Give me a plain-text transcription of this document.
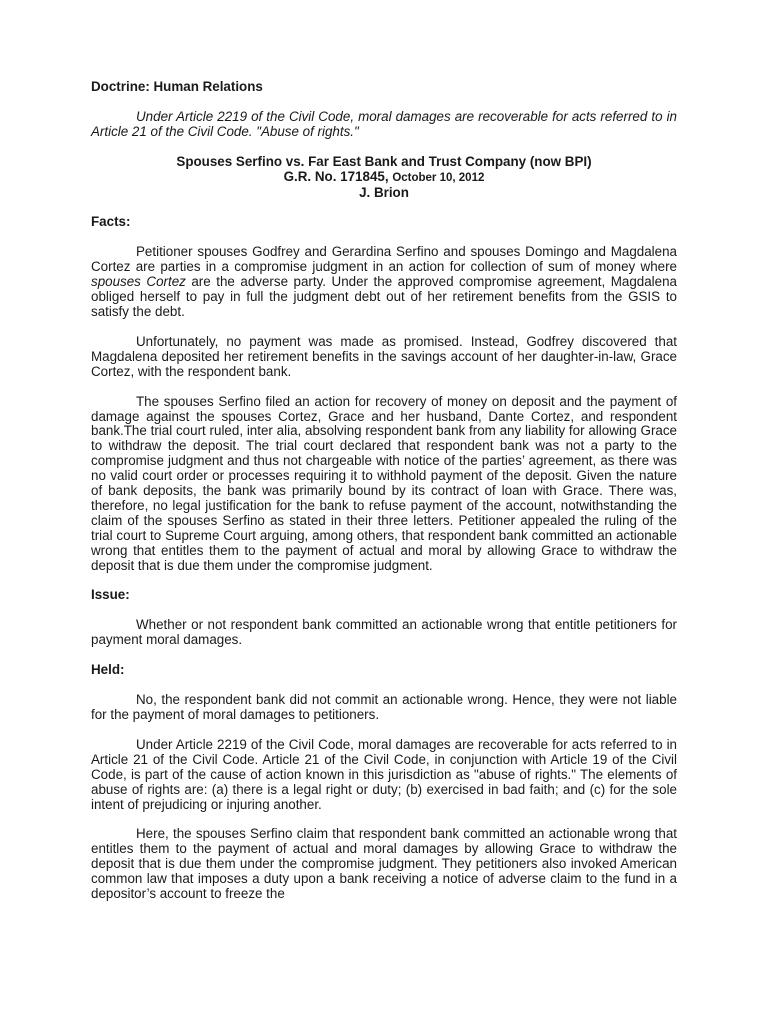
Doctrine: Human Relations

Under Article 2219 of the Civil Code, moral damages are recoverable for acts referred to in Article 21 of the Civil Code. "Abuse of rights."

Spouses Serfino vs. Far East Bank and Trust Company (now BPI)

G.R. No. 171845, October 10, 2012

J. Brion

Facts:

Petitioner spouses Godfrey and Gerardina Serfino and spouses Domingo and Magdalena Cortez are parties in a compromise judgment in an action for collection of sum of money where spouses Cortez are the adverse party. Under the approved compromise agreement, Magdalena obliged herself to pay in full the judgment debt out of her retirement benefits from the GSIS to satisfy the debt.

Unfortunately, no payment was made as promised. Instead, Godfrey discovered that Magdalena deposited her retirement benefits in the savings account of her daughter-in-law, Grace Cortez, with the respondent bank.

The spouses Serfino filed an action for recovery of money on deposit and the payment of damage against the spouses Cortez, Grace and her husband, Dante Cortez, and respondent bank.The trial court ruled, inter alia, absolving respondent bank from any liability for allowing Grace to withdraw the deposit. The trial court declared that respondent bank was not a party to the compromise judgment and thus not chargeable with notice of the parties’ agreement, as there was no valid court order or processes requiring it to withhold payment of the deposit. Given the nature of bank deposits, the bank was primarily bound by its contract of loan with Grace. There was, therefore, no legal justification for the bank to refuse payment of the account, notwithstanding the claim of the spouses Serfino as stated in their three letters. Petitioner appealed the ruling of the trial court to Supreme Court arguing, among others, that respondent bank committed an actionable wrong that entitles them to the payment of actual and moral by allowing Grace to withdraw the deposit that is due them under the compromise judgment.

Issue:

Whether or not respondent bank committed an actionable wrong that entitle petitioners for payment moral damages.

Held:

No, the respondent bank did not commit an actionable wrong. Hence, they were not liable for the payment of moral damages to petitioners.

Under Article 2219 of the Civil Code, moral damages are recoverable for acts referred to in Article 21 of the Civil Code. Article 21 of the Civil Code, in conjunction with Article 19 of the Civil Code, is part of the cause of action known in this jurisdiction as "abuse of rights." The elements of abuse of rights are: (a) there is a legal right or duty; (b) exercised in bad faith; and (c) for the sole intent of prejudicing or injuring another.

Here, the spouses Serfino claim that respondent bank committed an actionable wrong that entitles them to the payment of actual and moral damages by allowing Grace to withdraw the deposit that is due them under the compromise judgment. They petitioners also invoked American common law that imposes a duty upon a bank receiving a notice of adverse claim to the fund in a depositor’s account to freeze the
